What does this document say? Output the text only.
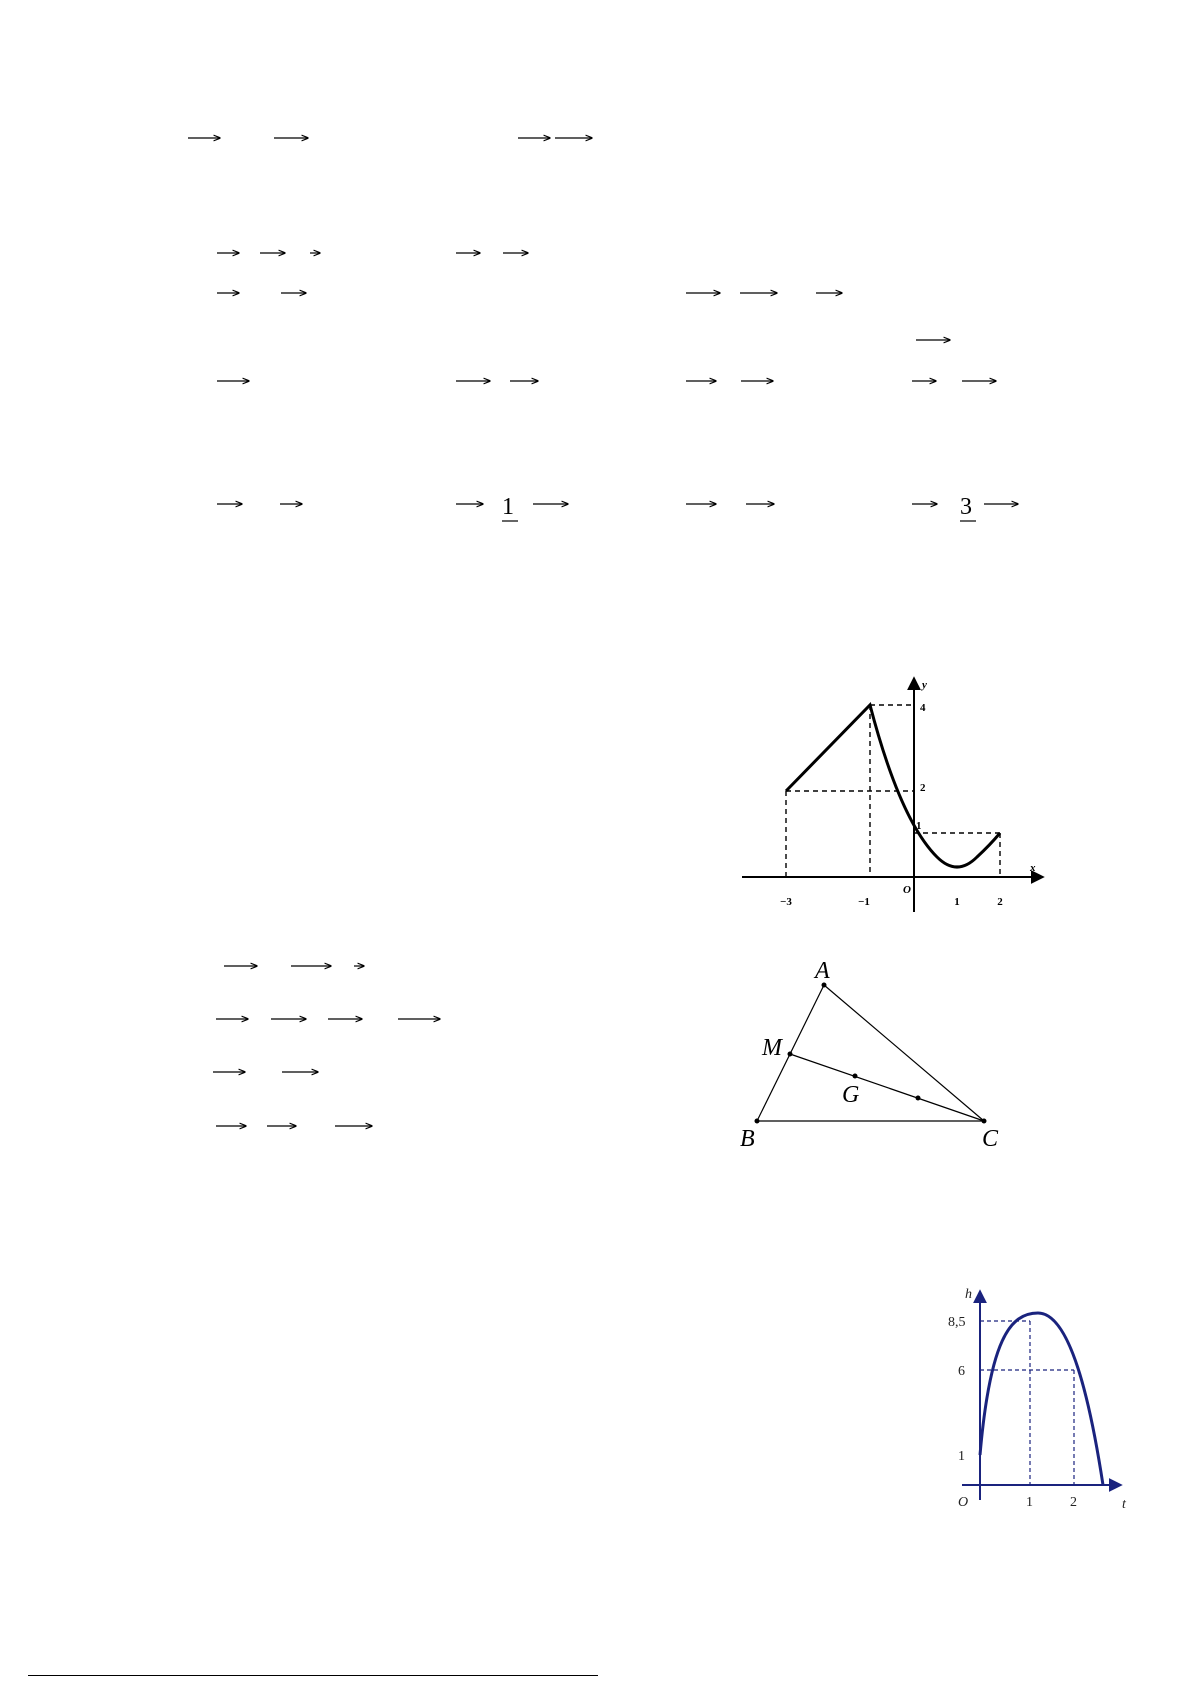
1	3
y
x
O
−3	−1	1	2
4
2
1
A
B	C
M
G
h
t
O
8,5
6
1
1	2
